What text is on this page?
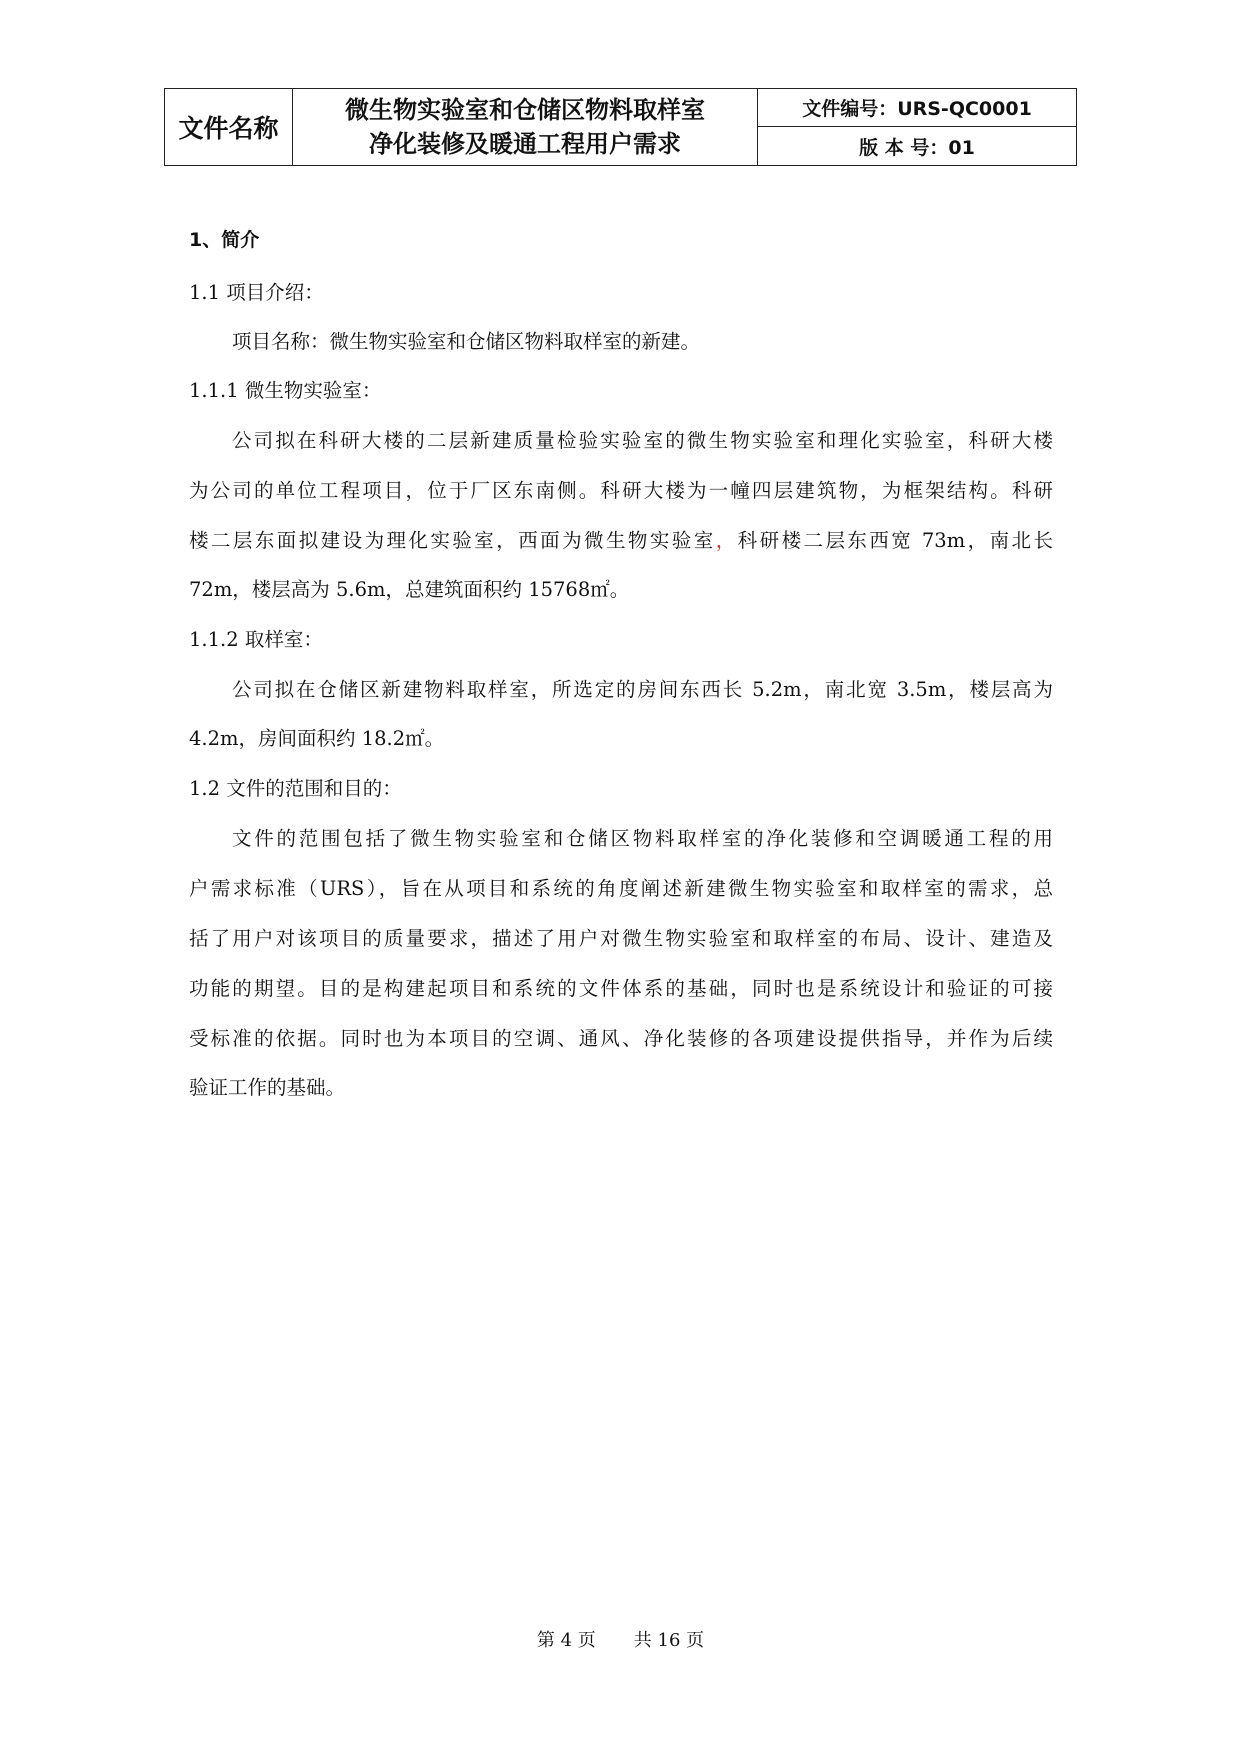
文件名称
微生物实验室和仓储区物料取样室
净化装修及暖通工程用户需求
文件编号：URS-QC0001
版 本 号：01
1、简介
1.1 项目介绍：
项目名称：微生物实验室和仓储区物料取样室的新建。
1.1.1 微生物实验室：
公司拟在科研大楼的二层新建质量检验实验室的微生物实验室和理化实验室，科研大楼
为公司的单位工程项目，位于厂区东南侧。科研大楼为一幢四层建筑物，为框架结构。科研
楼二层东面拟建设为理化实验室，西面为微生物实验室，科研楼二层东西宽 73m，南北长
72m，楼层高为 5.6m，总建筑面积约 15768㎡。
1.1.2 取样室：
公司拟在仓储区新建物料取样室，所选定的房间东西长 5.2m，南北宽 3.5m，楼层高为
4.2m，房间面积约 18.2㎡。
1.2 文件的范围和目的：
文件的范围包括了微生物实验室和仓储区物料取样室的净化装修和空调暖通工程的用
户需求标准（URS），旨在从项目和系统的角度阐述新建微生物实验室和取样室的需求，总
括了用户对该项目的质量要求，描述了用户对微生物实验室和取样室的布局、设计、建造及
功能的期望。目的是构建起项目和系统的文件体系的基础，同时也是系统设计和验证的可接
受标准的依据。同时也为本项目的空调、通风、净化装修的各项建设提供指导，并作为后续
验证工作的基础。
第 4 页 共 16 页
